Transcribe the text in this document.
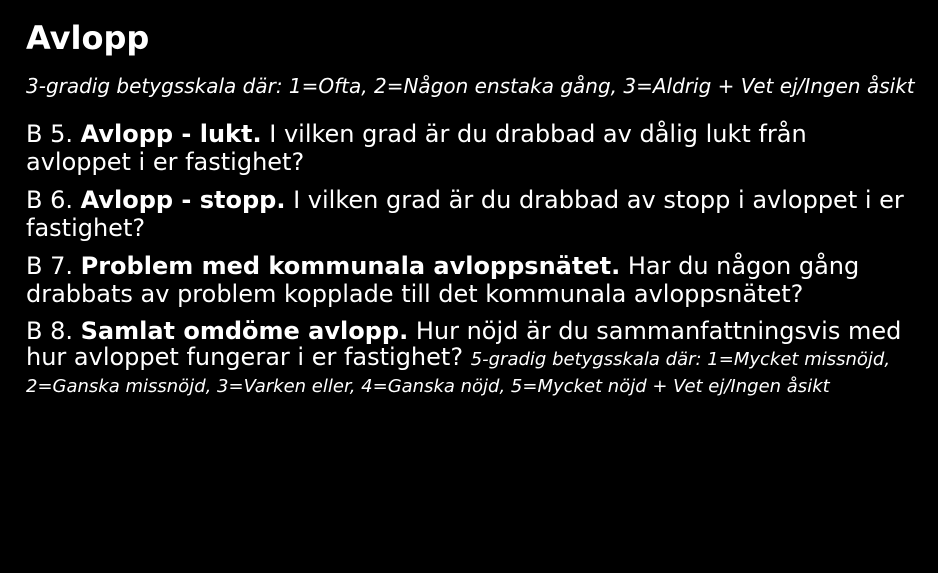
Avlopp
3-gradig betygsskala där: 1=Ofta, 2=Någon enstaka gång, 3=Aldrig + Vet ej/Ingen åsikt
B 5. Avlopp - lukt. I vilken grad är du drabbad av dålig lukt från avloppet i er fastighet?
B 6. Avlopp - stopp. I vilken grad är du drabbad av stopp i avloppet i er fastighet?
B 7. Problem med kommunala avloppsnätet. Har du någon gång drabbats av problem kopplade till det kommunala avloppsnätet?
B 8. Samlat omdöme avlopp. Hur nöjd är du sammanfattningsvis med hur avloppet fungerar i er fastighet? 5-gradig betygsskala där: 1=Mycket missnöjd, 2=Ganska missnöjd, 3=Varken eller, 4=Ganska nöjd, 5=Mycket nöjd + Vet ej/Ingen åsikt
